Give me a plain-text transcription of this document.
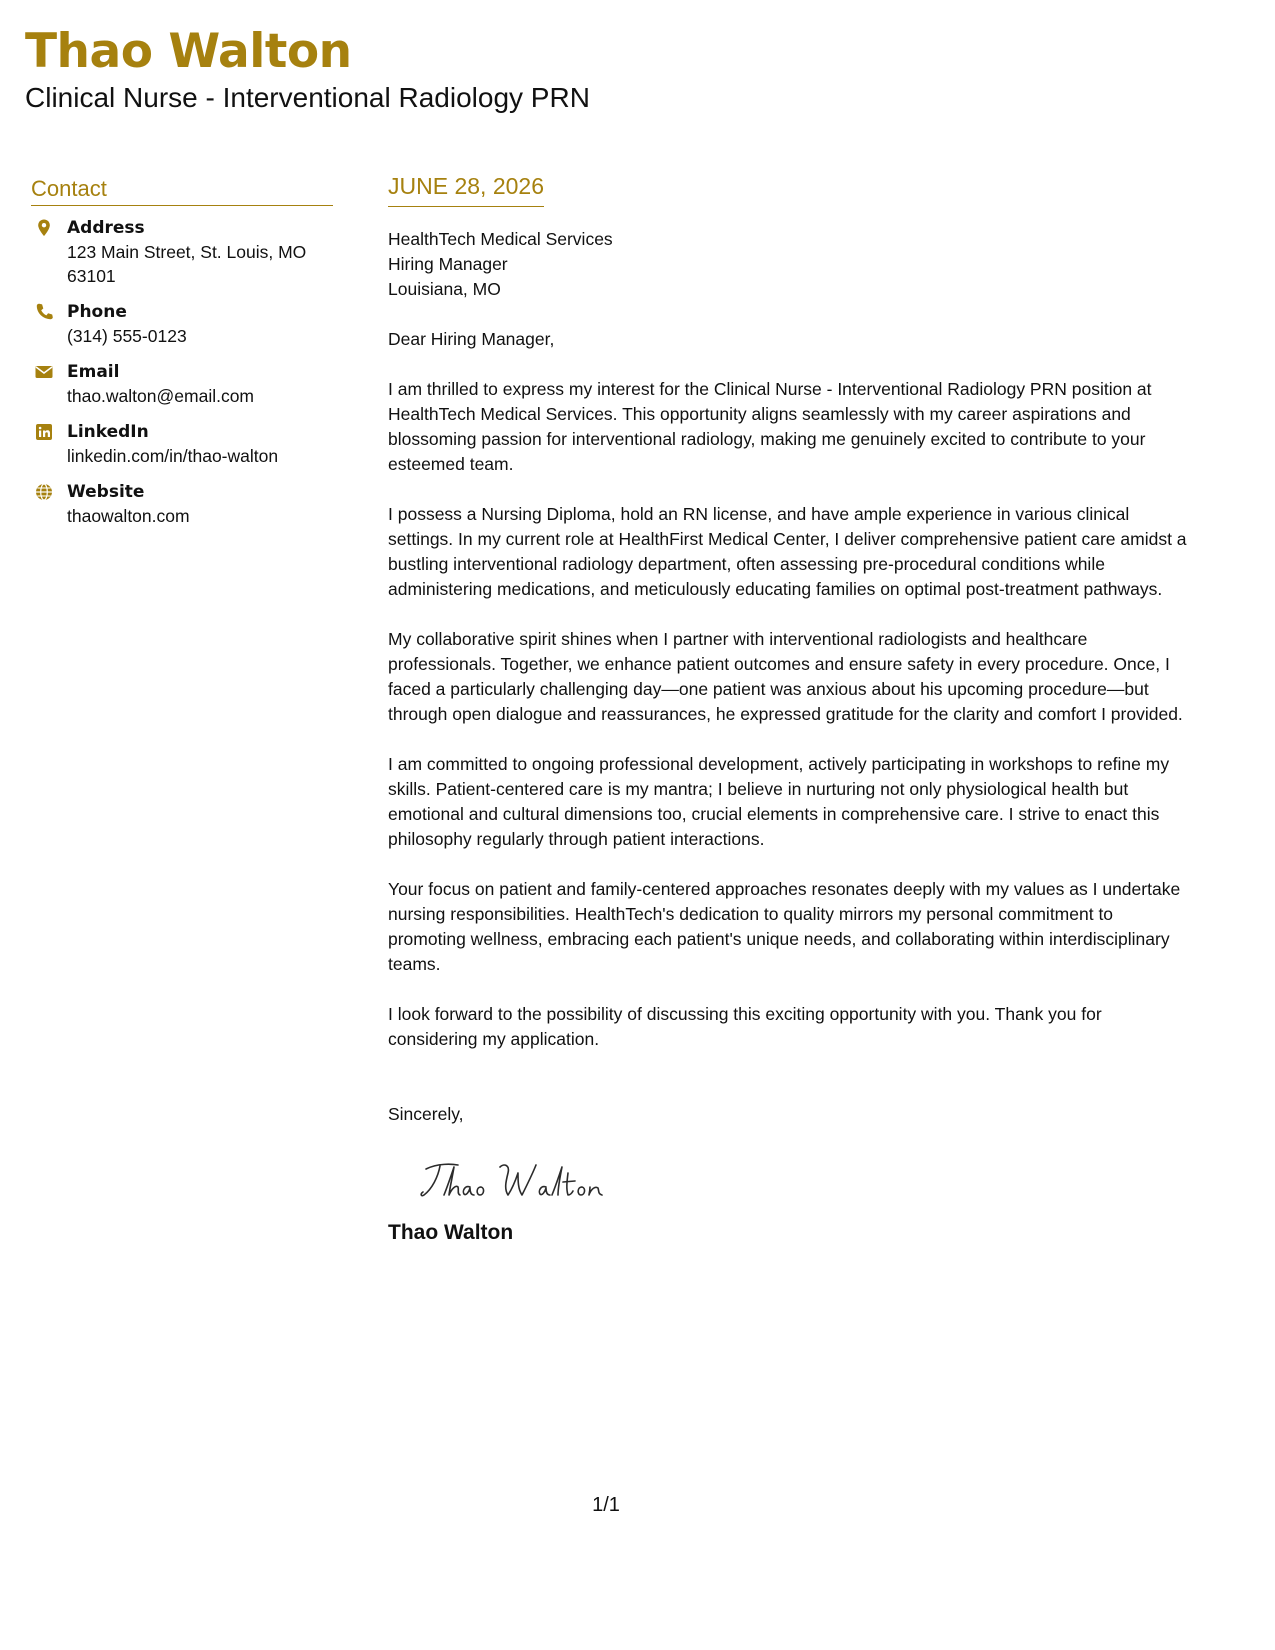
Thao Walton
Clinical Nurse - Interventional Radiology PRN
Contact
Address
123 Main Street, St. Louis, MO 63101
Phone
(314) 555-0123
Email
thao.walton@email.com
LinkedIn
linkedin.com/in/thao-walton
Website
thaowalton.com
JUNE 28, 2026
HealthTech Medical Services
Hiring Manager
Louisiana, MO
Dear Hiring Manager,
I am thrilled to express my interest for the Clinical Nurse - Interventional Radiology PRN position at HealthTech Medical Services. This opportunity aligns seamlessly with my career aspirations and blossoming passion for interventional radiology, making me genuinely excited to contribute to your esteemed team.
I possess a Nursing Diploma, hold an RN license, and have ample experience in various clinical settings. In my current role at HealthFirst Medical Center, I deliver comprehensive patient care amidst a bustling interventional radiology department, often assessing pre-procedural conditions while administering medications, and meticulously educating families on optimal post-treatment pathways.
My collaborative spirit shines when I partner with interventional radiologists and healthcare professionals. Together, we enhance patient outcomes and ensure safety in every procedure. Once, I faced a particularly challenging day—one patient was anxious about his upcoming procedure—but through open dialogue and reassurances, he expressed gratitude for the clarity and comfort I provided.
I am committed to ongoing professional development, actively participating in workshops to refine my skills. Patient-centered care is my mantra; I believe in nurturing not only physiological health but emotional and cultural dimensions too, crucial elements in comprehensive care. I strive to enact this philosophy regularly through patient interactions.
Your focus on patient and family-centered approaches resonates deeply with my values as I undertake nursing responsibilities. HealthTech's dedication to quality mirrors my personal commitment to promoting wellness, embracing each patient's unique needs, and collaborating within interdisciplinary teams.
I look forward to the possibility of discussing this exciting opportunity with you. Thank you for considering my application.
Sincerely,
Thao Walton
1/1
